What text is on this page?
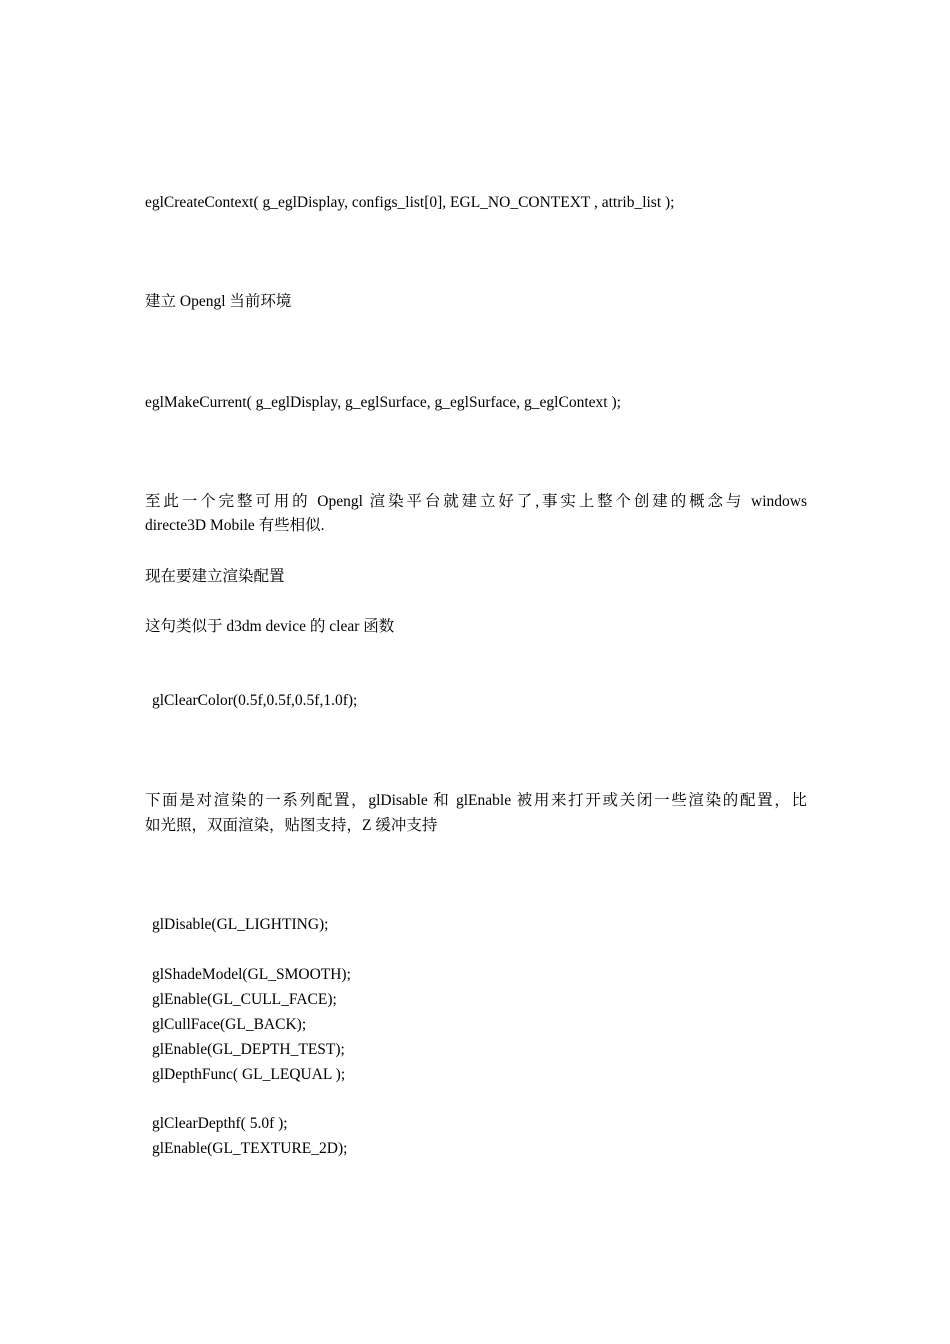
eglCreateContext( g_eglDisplay, configs_list[0], EGL_NO_CONTEXT , attrib_list );
建立 Opengl 当前环境
eglMakeCurrent( g_eglDisplay, g_eglSurface, g_eglSurface, g_eglContext );
至此一个完整可用的 Opengl 渲染平台就建立好了,事实上整个创建的概念与 windows
directe3D Mobile 有些相似.
现在要建立渲染配置
这句类似于 d3dm device 的 clear 函数
glClearColor(0.5f,0.5f,0.5f,1.0f);
下面是对渲染的一系列配置，glDisable 和 glEnable 被用来打开或关闭一些渲染的配置，比
如光照，双面渲染，贴图支持，Z 缓冲支持
glDisable(GL_LIGHTING);
glShadeModel(GL_SMOOTH);
glEnable(GL_CULL_FACE);
glCullFace(GL_BACK);
glEnable(GL_DEPTH_TEST);
glDepthFunc( GL_LEQUAL );
glClearDepthf( 5.0f );
glEnable(GL_TEXTURE_2D);
